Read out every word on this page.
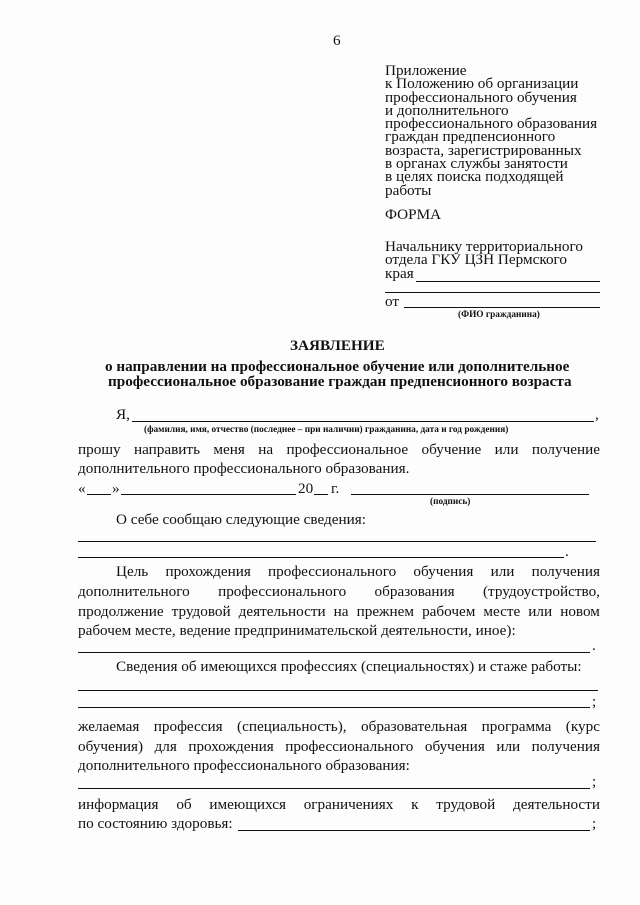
6
Приложение
к Положению об организации
профессионального обучения
и дополнительного
профессионального образования
граждан предпенсионного
возраста, зарегистрированных
в органах службы занятости
в целях поиска подходящей
работы
ФОРМА
Начальнику территориального
отдела ГКУ ЦЗН Пермского
края
от
(ФИО гражданина)
ЗАЯВЛЕНИЕ
о направлении на профессиональное обучение или дополнительное
профессиональное образование граждан предпенсионного возраста
Я,	,
(фамилия, имя, отчество (последнее – при наличии) гражданина, дата и год рождения)
прошу направить меня на профессиональное обучение или получение
дополнительного профессионального образования.
« »	20 г.
(подпись)
О себе сообщаю следующие сведения:
.
Цель прохождения профессионального обучения или получения
дополнительного профессионального образования (трудоустройство,
продолжение трудовой деятельности на прежнем рабочем месте или новом
рабочем месте, ведение предпринимательской деятельности, иное):
.
Сведения об имеющихся профессиях (специальностях) и стаже работы:
;
желаемая профессия (специальность), образовательная программа (курс
обучения) для прохождения профессионального обучения или получения
дополнительного профессионального образования:
;
информация об имеющихся ограничениях к трудовой деятельности
по состоянию здоровья:	;
